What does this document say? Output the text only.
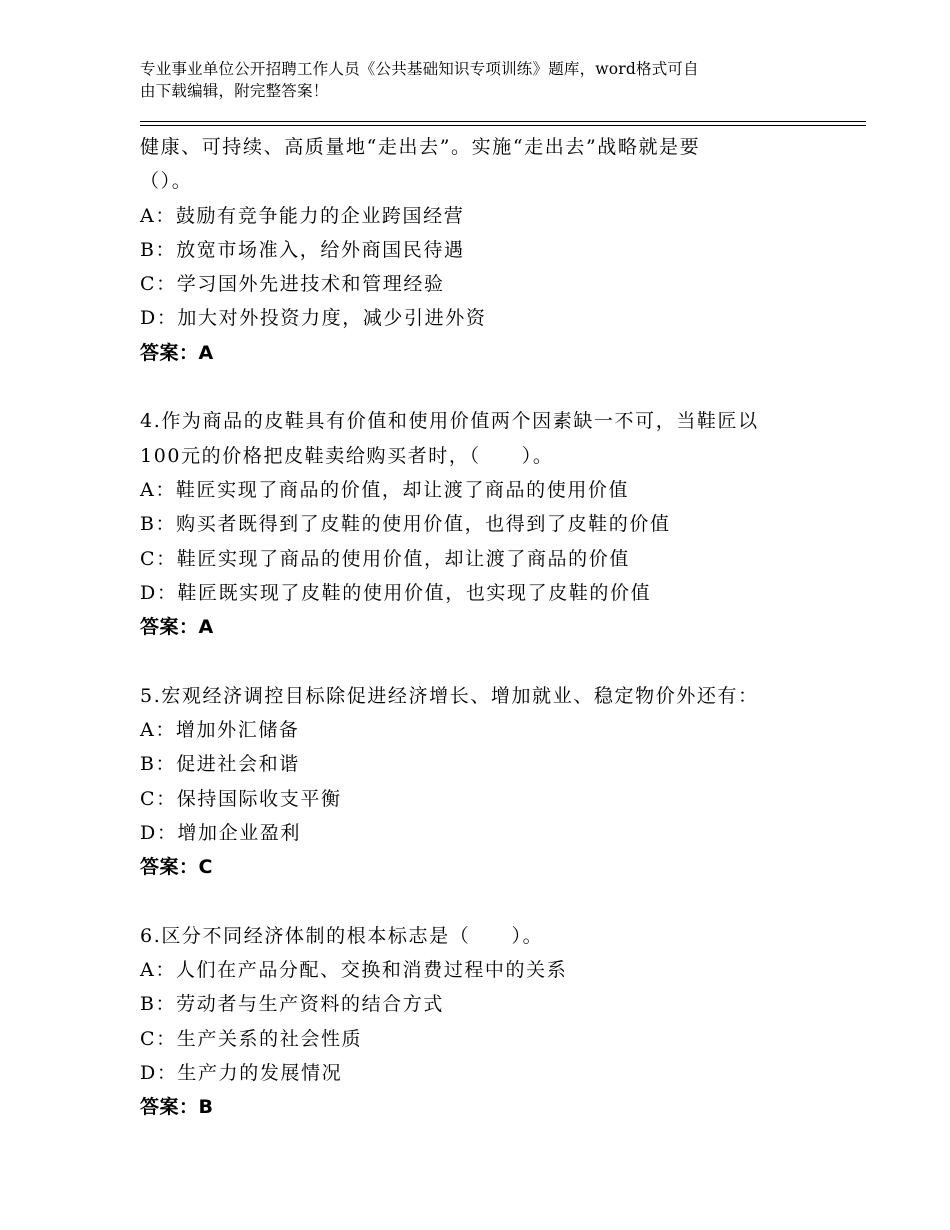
专业事业单位公开招聘工作人员《公共基础知识专项训练》题库，word格式可自
由下载编辑，附完整答案！
健康、可持续、高质量地“走出去”。实施“走出去”战略就是要
（）。
A：鼓励有竞争能力的企业跨国经营
B：放宽市场准入，给外商国民待遇
C：学习国外先进技术和管理经验
D：加大对外投资力度，减少引进外资
答案：A
4.作为商品的皮鞋具有价值和使用价值两个因素缺一不可，当鞋匠以
100元的价格把皮鞋卖给购买者时，（　　）。
A：鞋匠实现了商品的价值，却让渡了商品的使用价值
B：购买者既得到了皮鞋的使用价值，也得到了皮鞋的价值
C：鞋匠实现了商品的使用价值，却让渡了商品的价值
D：鞋匠既实现了皮鞋的使用价值，也实现了皮鞋的价值
答案：A
5.宏观经济调控目标除促进经济增长、增加就业、稳定物价外还有：
A：增加外汇储备
B：促进社会和谐
C：保持国际收支平衡
D：增加企业盈利
答案：C
6.区分不同经济体制的根本标志是（　　）。
A：人们在产品分配、交换和消费过程中的关系
B：劳动者与生产资料的结合方式
C：生产关系的社会性质
D：生产力的发展情况
答案：B
